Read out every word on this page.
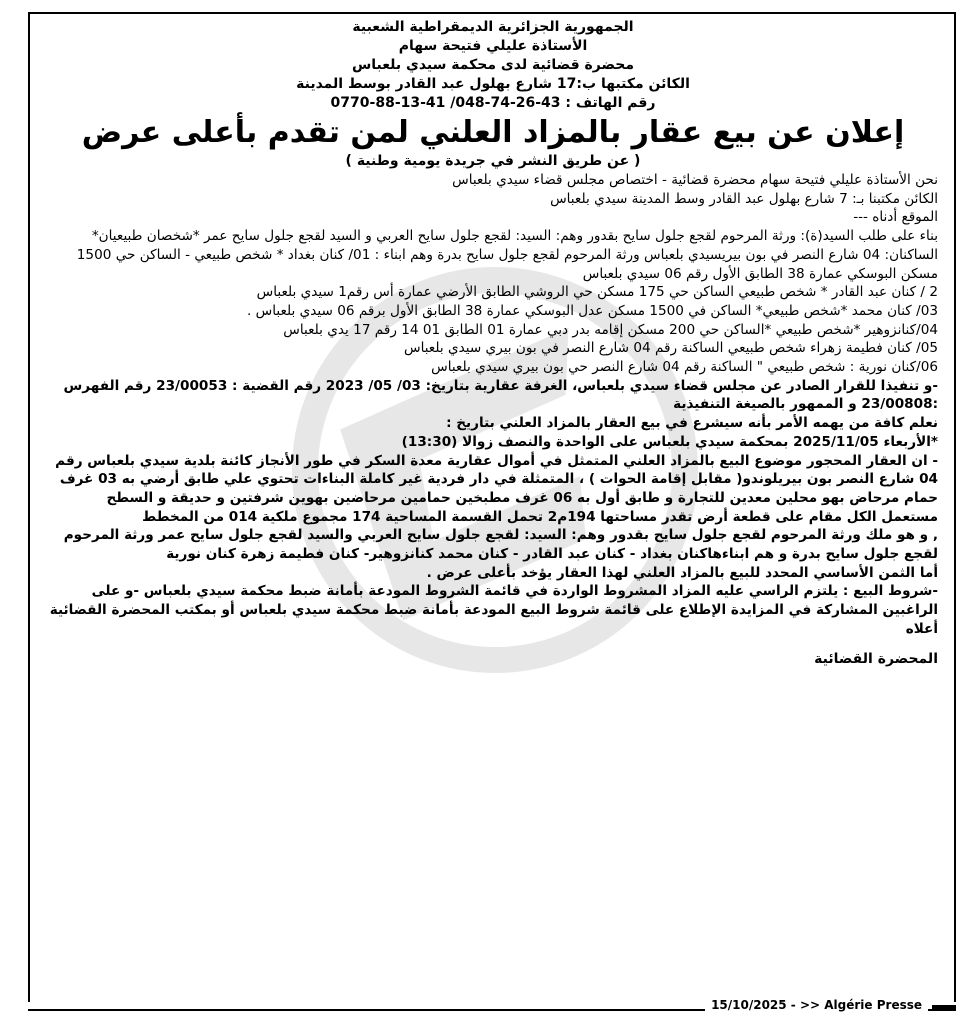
الجمهورية الجزائرية الديمقراطية الشعبية
الأستاذة عليلي فتيحة سهام
محضرة قضائية لدى محكمة سيدي بلعباس
الكائن مكتبها ب:17 شارع بهلول عبد القادر بوسط المدينة
رقم الهاتف : 43-26-74-048/ 41-13-88-0770
إعلان عن بيع عقار بالمزاد العلني لمن تقدم بأعلى عرض
( عن طريق النشر في جريدة يومية وطنية )

نحن الأستاذة عليلي فتيحة سهام محضرة قضائية - اختصاص مجلس قضاء سيدي بلعباس

الكائن مكتبنا بـ: 7 شارع بهلول عبد القادر وسط المدينة سيدي بلعباس

الموقع أدناه ---

بناء على طلب السيد(ة): ورثة المرحوم لقجع جلول سايح بقدور وهم: السيد: لقجع جلول سايح العربي و السيد لقجع جلول سايح عمر *شخصان طبيعيان* الساكنان: 04 شارع النصر في بون بيريسيدي بلعباس ورثة المرحوم لقجع جلول سايح بدرة وهم ابناء : 01/ كنان بغداد * شخص طبيعي - الساكن حي 1500 مسكن البوسكي عمارة 38 الطابق الأول رقم 06 سيدي بلعباس

2 / كنان عبد القادر * شخص طبيعي الساكن حي 175 مسكن حي الروشي الطابق الأرضي عمارة أس رقم1 سيدي بلعباس

03/ كنان محمد *شخص طبيعي* الساكن في 1500 مسكن عدل البوسكي عمارة 38 الطابق الأول برقم 06 سيدي بلعباس .

04/كنانزوهير *شخص طبيعي *الساكن حي 200 مسكن إقامه بدر دبي عمارة 01 الطابق 01 14 رقم 17 يدي بلعباس

05/ كنان فطيمة زهراء شخص طبيعي الساكنة رقم 04 شارع النصر في بون بيري سيدي بلعباس

06/كنان نورية : شخص طبيعي " الساكنة رقم 04 شارع النصر حي بون بيري سيدي بلعباس

-و تنفيذا للقرار الصادر عن مجلس قضاء سيدي بلعباس، الغرفة عقارية بتاريخ: 03/ 05/ 2023 رقم القضية : 23/00053 رقم الفهرس :23/00808 و الممهور بالصيغة التنفيذية

نعلم كافة من يهمه الأمر بأنه سيشرع في بيع العقار بالمزاد العلني بتاريخ :

*الأربعاء 2025/11/05 بمحكمة سيدي بلعباس على الواحدة والنصف زوالا (13:30)

- ان العقار المحجور موضوع البيع بالمزاد العلني المتمثل في أموال عقارية معدة السكر في طور الأنجاز كائنة بلدية سيدي بلعباس رقم 04 شارع النصر بون بيريلوندو( مقابل إقامة الحوات ) ، المتمثلة في دار فردية غير كاملة البناءات تحتوي علي طابق أرضي به 03 غرف حمام مرحاض بهو محلين معدين للتجارة و طابق أول به 06 غرف مطبخين حمامين مرحاضين بهوين شرفتين و حديقة و السطح مستعمل الكل مقام على قطعة أرض تقدر مساحتها 194م2 تحمل القسمة المساحية 174 مجموع ملكية 014 من المخطط

, و هو ملك ورثة المرحوم لقجع جلول سايح بقدور وهم: السيد: لقجع جلول سايح العربي والسيد لقجع جلول سايح عمر ورثة المرحوم لقجع جلول سايح بدرة و هم ابناءهاكنان بغداد - كنان عبد القادر - كنان محمد كنانزوهير- كنان فطيمة زهرة كنان نورية

أما الثمن الأساسي المحدد للبيع بالمزاد العلني لهذا العقار يؤخد بأعلى عرض .

-شروط البيع : يلتزم الراسي عليه المزاد المشروط الواردة في قائمة الشروط المودعة بأمانة ضبط محكمة سيدي بلعباس -و على الراغبين المشاركة في المزايدة الإطلاع على قائمة شروط البيع المودعة بأمانة ضبط محكمة سيدي بلعباس أو بمكتب المحضرة القضائية أعلاه

المحضرة القضائية
15/10/2025 - >> Algérie Presse
